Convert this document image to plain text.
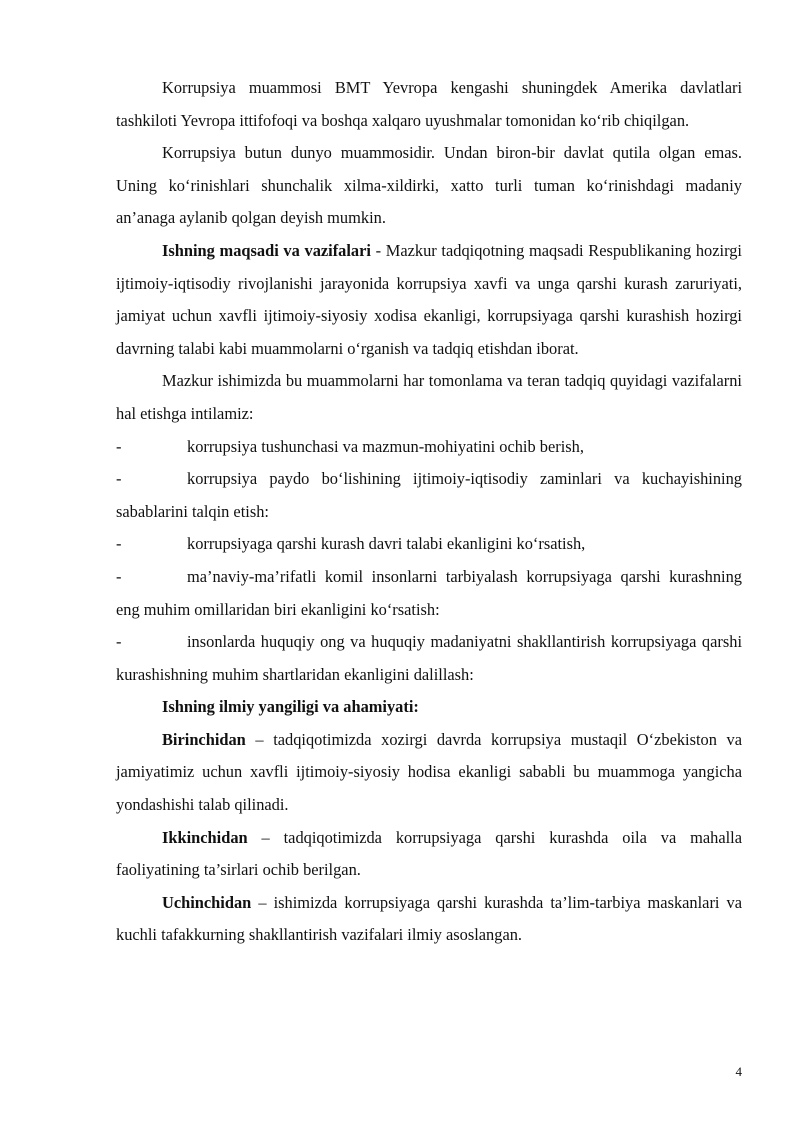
Korrupsiya muammosi BMT Yevropa kengashi shuningdek Amerika davlatlari tashkiloti Yevropa ittifofoqi va boshqa xalqaro uyushmalar tomonidan koʻrib chiqilgan.

Korrupsiya butun dunyo muammosidir. Undan biron-bir davlat qutila olgan emas. Uning koʻrinishlari shunchalik xilma-xildirki, xatto turli tuman koʻrinishdagi madaniy an’anaga aylanib qolgan deyish mumkin.

Ishning maqsadi va vazifalari - Mazkur tadqiqotning maqsadi Respublikaning hozirgi ijtimoiy-iqtisodiy rivojlanishi jarayonida korrupsiya xavfi va unga qarshi kurash zaruriyati, jamiyat uchun xavfli ijtimoiy-siyosiy xodisa ekanligi, korrupsiyaga qarshi kurashish hozirgi davrning talabi kabi muammolarni oʻrganish va tadqiq etishdan iborat.

Mazkur ishimizda bu muammolarni har tomonlama va teran tadqiq quyidagi vazifalarni hal etishga intilamiz:

-	korrupsiya tushunchasi va mazmun-mohiyatini ochib berish,
-	korrupsiya paydo boʻlishining ijtimoiy-iqtisodiy zaminlari va kuchayishining sabablarini talqin etish:
-	korrupsiyaga qarshi kurash davri talabi ekanligini koʻrsatish,
-	ma’naviy-ma’rifatli komil insonlarni tarbiyalash korrupsiyaga qarshi kurashning eng muhim omillaridan biri ekanligini koʻrsatish:
-	insonlarda huquqiy ong va huquqiy madaniyatni shakllantirish korrupsiyaga qarshi kurashishning muhim shartlaridan ekanligini dalillash:

Ishning ilmiy yangiligi va ahamiyati:

Birinchidan – tadqiqotimizda xozirgi davrda korrupsiya mustaqil Oʻzbekiston va jamiyatimiz uchun xavfli ijtimoiy-siyosiy hodisa ekanligi sababli bu muammoga yangicha yondashishi talab qilinadi.

Ikkinchidan – tadqiqotimizda korrupsiyaga qarshi kurashda oila va mahalla faoliyatining ta’sirlari ochib berilgan.

Uchinchidan – ishimizda korrupsiyaga qarshi kurashda ta’lim-tarbiya maskanlari va kuchli tafakkurning shakllantirish vazifalari ilmiy asoslangan.

4
